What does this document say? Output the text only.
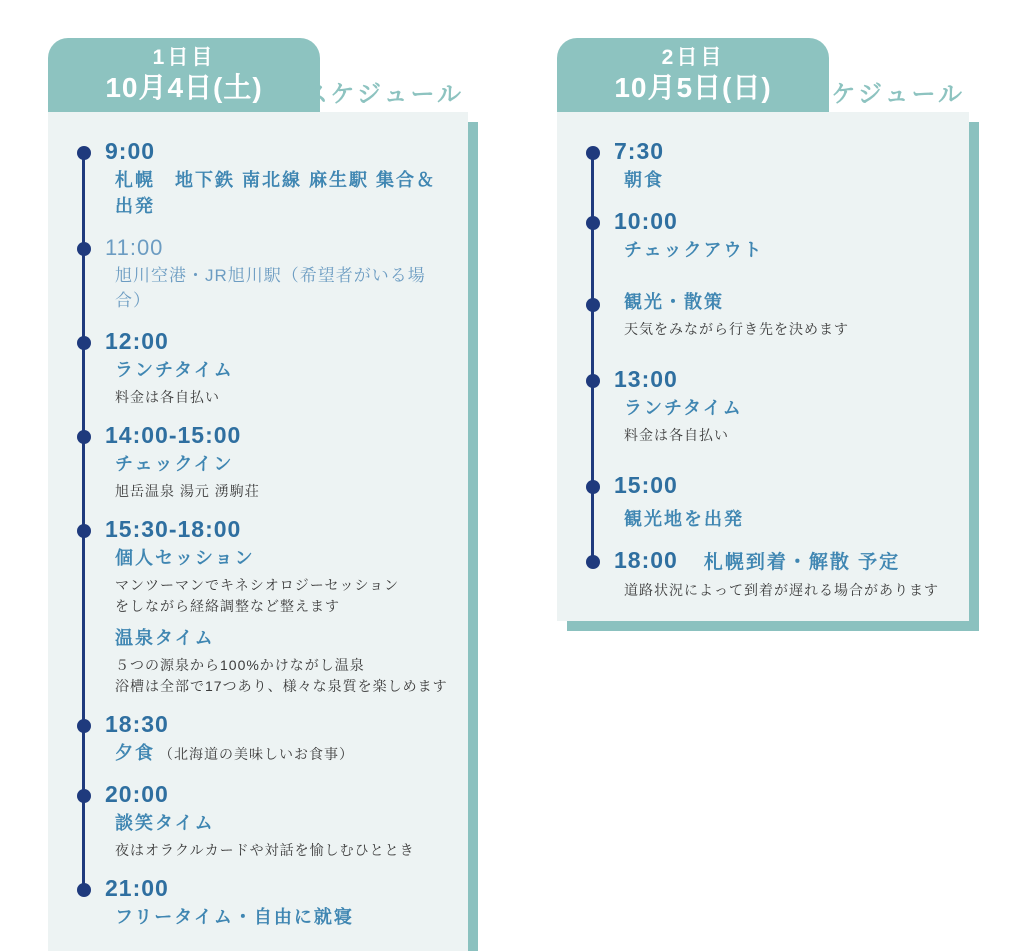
1日目
10月4日(土) スケジュール
9:00
札幌　地下鉄 南北線 麻生駅 集合＆出発
11:00
旭川空港・JR旭川駅（希望者がいる場合）
12:00
ランチタイム
料金は各自払い
14:00-15:00
チェックイン
旭岳温泉 湯元 湧駒荘
15:30-18:00
個人セッション
マンツーマンでキネシオロジーセッション
をしながら経絡調整など整えます
温泉タイム
５つの源泉から100%かけながし温泉
浴槽は全部で17つあり、様々な泉質を楽しめます
18:30
夕食 （北海道の美味しいお食事）
20:00
談笑タイム
夜はオラクルカードや対話を愉しむひととき
21:00
フリータイム・自由に就寝
2日目
10月5日(日) スケジュール
7:30
朝食
10:00
チェックアウト
観光・散策
天気をみながら行き先を決めます
13:00
ランチタイム
料金は各自払い
15:00
観光地を出発
18:00 札幌到着・解散 予定
道路状況によって到着が遅れる場合があります
